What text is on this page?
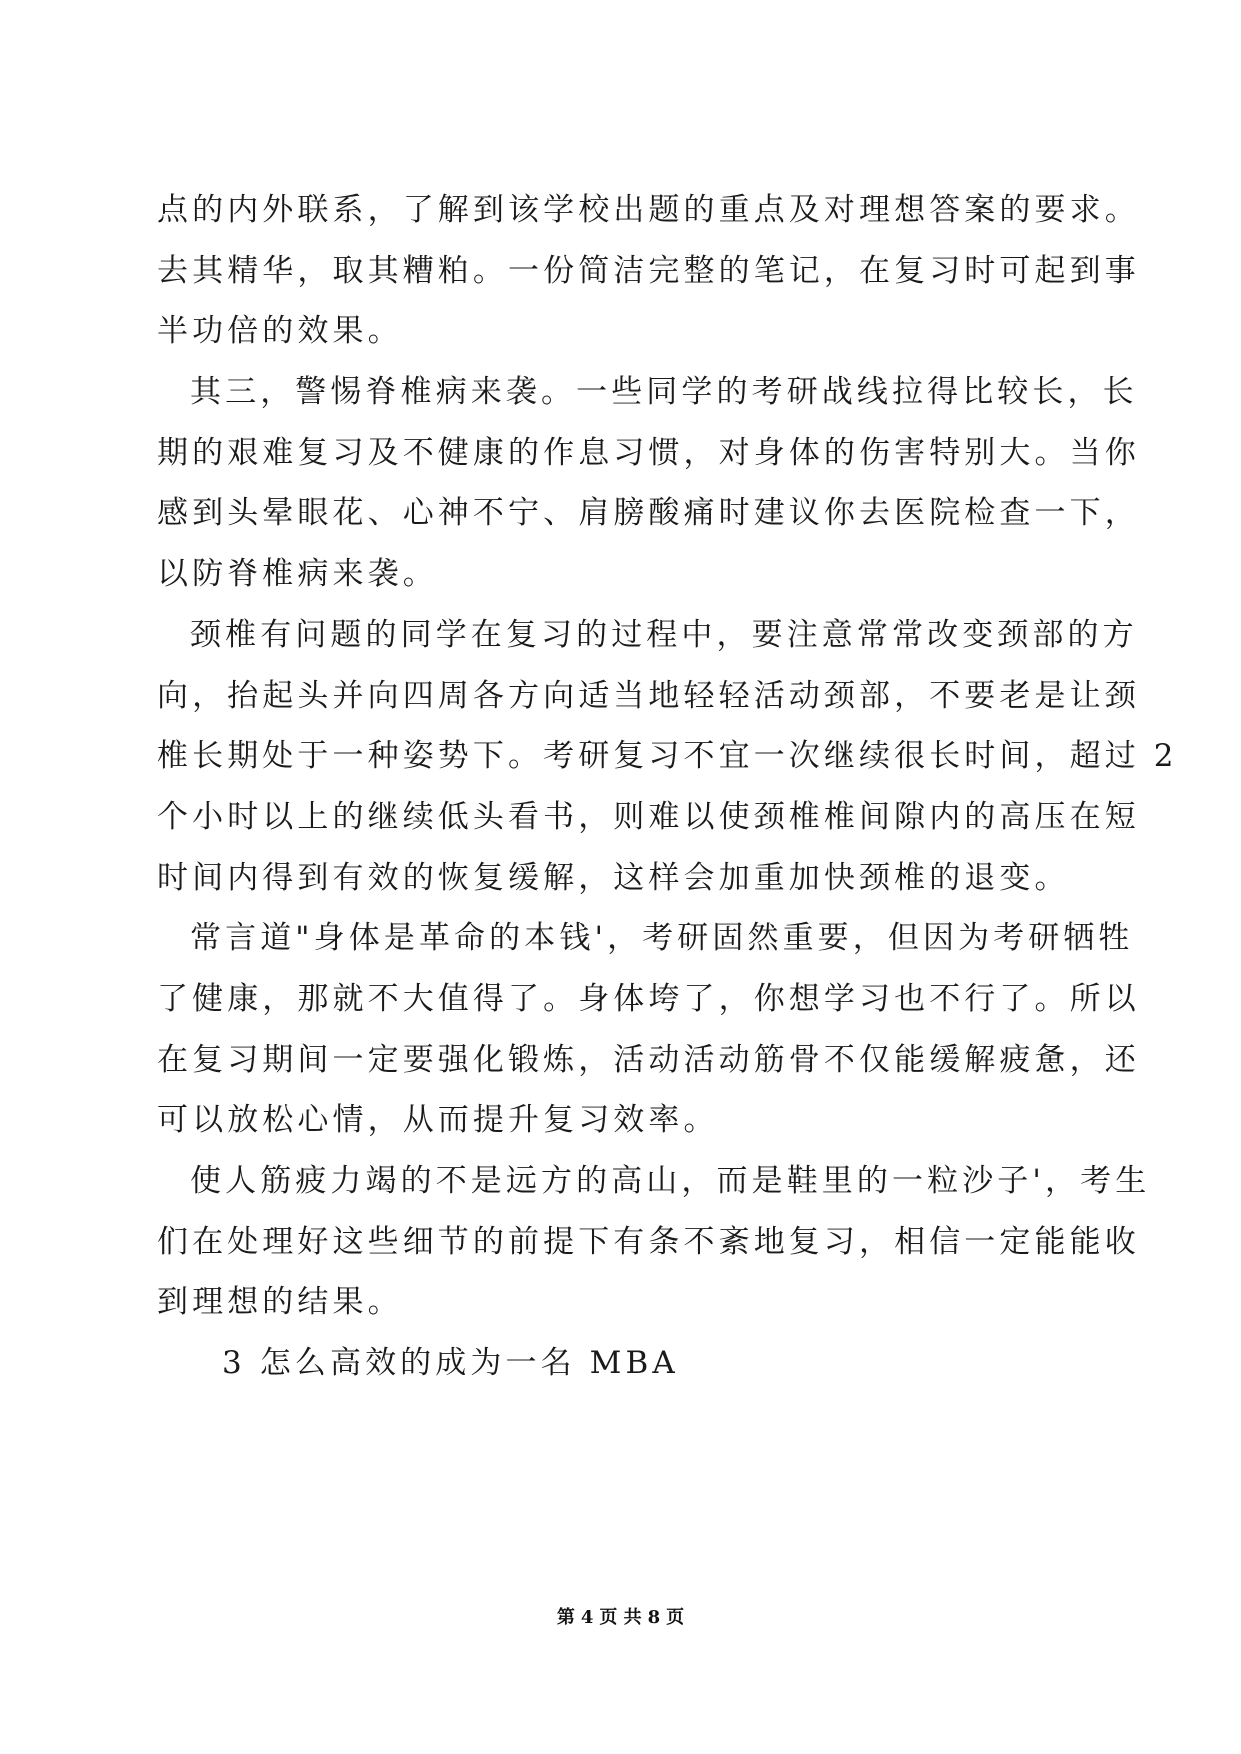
点的内外联系，了解到该学校出题的重点及对理想答案的要求。
去其精华，取其糟粕。一份简洁完整的笔记，在复习时可起到事
半功倍的效果。
其三，警惕脊椎病来袭。一些同学的考研战线拉得比较长，长
期的艰难复习及不健康的作息习惯，对身体的伤害特别大。当你
感到头晕眼花、心神不宁、肩膀酸痛时建议你去医院检查一下，
以防脊椎病来袭。
颈椎有问题的同学在复习的过程中，要注意常常改变颈部的方
向，抬起头并向四周各方向适当地轻轻活动颈部，不要老是让颈
椎长期处于一种姿势下。考研复习不宜一次继续很长时间，超过 2
个小时以上的继续低头看书，则难以使颈椎椎间隙内的高压在短
时间内得到有效的恢复缓解，这样会加重加快颈椎的退变。
常言道"身体是革命的本钱'，考研固然重要，但因为考研牺牲
了健康，那就不大值得了。身体垮了，你想学习也不行了。所以
在复习期间一定要强化锻炼，活动活动筋骨不仅能缓解疲惫，还
可以放松心情，从而提升复习效率。
使人筋疲力竭的不是远方的高山，而是鞋里的一粒沙子'，考生
们在处理好这些细节的前提下有条不紊地复习，相信一定能能收
到理想的结果。
3 怎么高效的成为一名 MBA
第 4 页 共 8 页
